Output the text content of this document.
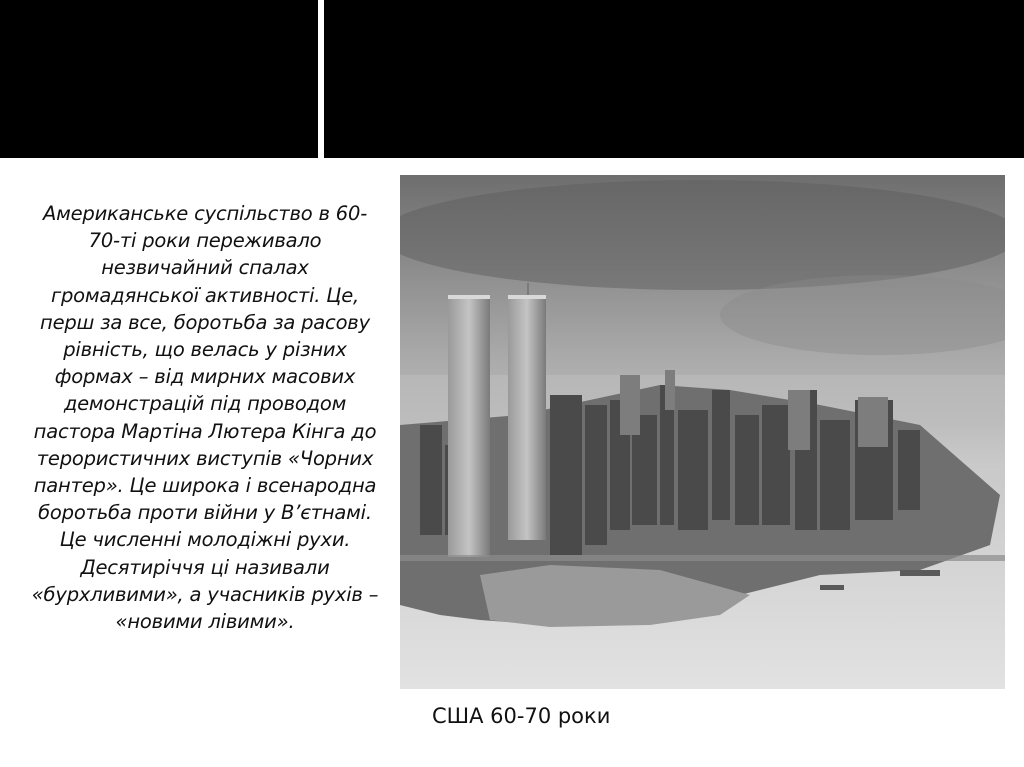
Американське суспільство в 60-70-ті роки переживало незвичайний спалах громадянської активності. Це, перш за все, боротьба за расову рівність, що велась у різних формах – від мирних масових демонстрацій під проводом пастора Мартіна Лютера Кінга до терористичних виступів «Чорних пантер». Це широка і всенародна боротьба проти війни у В’єтнамі. Це численні молодіжні рухи. Десятиріччя ці називали «бурхливими», а учасників рухів – «новими лівими».
США 60-70 роки
